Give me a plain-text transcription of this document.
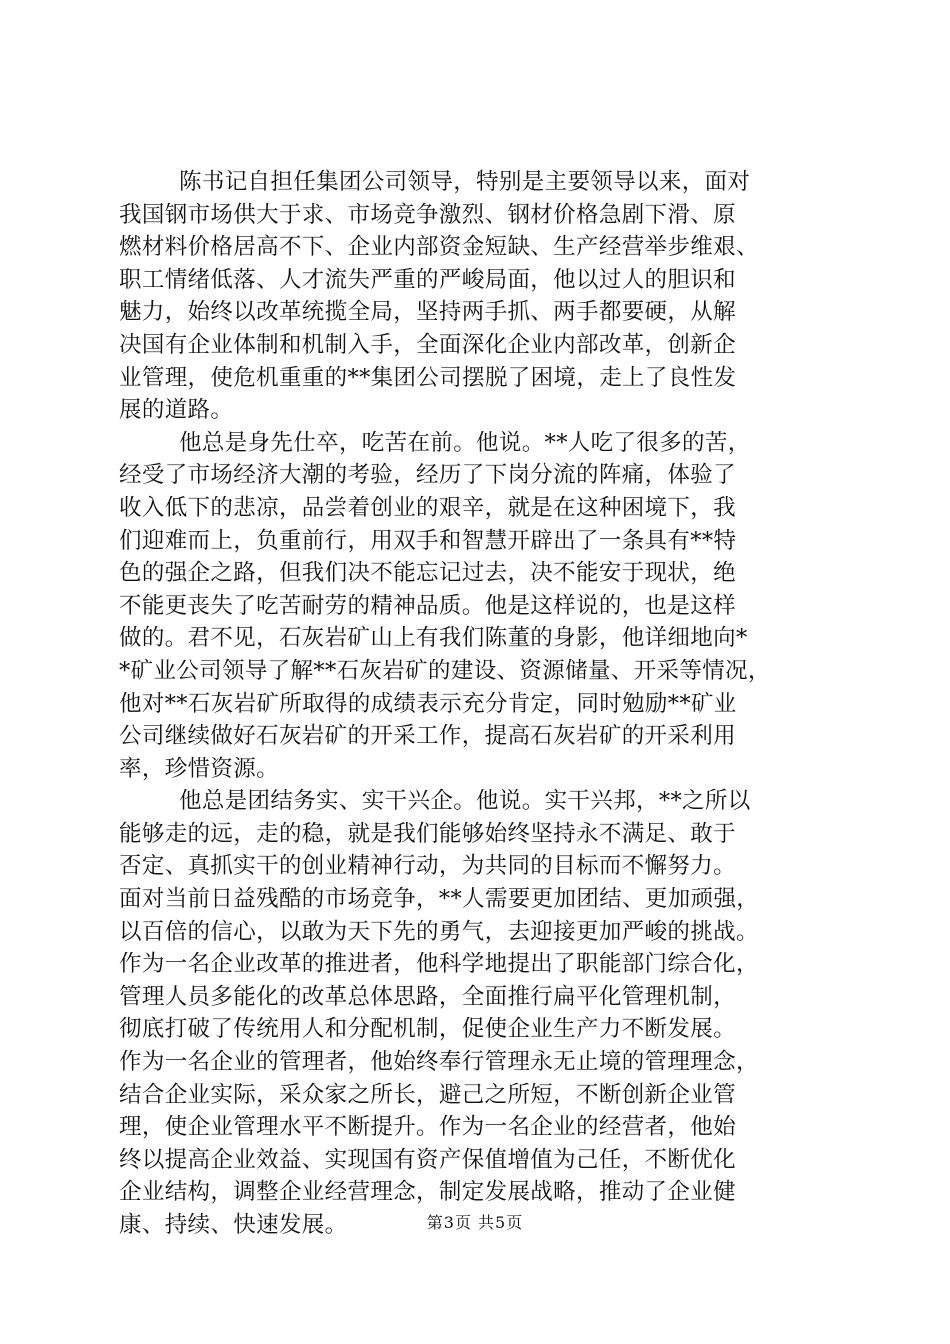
陈书记自担任集团公司领导，特别是主要领导以来，面对
我国钢市场供大于求、市场竞争激烈、钢材价格急剧下滑、原
燃材料价格居高不下、企业内部资金短缺、生产经营举步维艰、
职工情绪低落、人才流失严重的严峻局面，他以过人的胆识和
魅力，始终以改革统揽全局，坚持两手抓、两手都要硬，从解
决国有企业体制和机制入手，全面深化企业内部改革，创新企
业管理，使危机重重的**集团公司摆脱了困境，走上了良性发
展的道路。
他总是身先仕卒，吃苦在前。他说。**人吃了很多的苦，
经受了市场经济大潮的考验，经历了下岗分流的阵痛，体验了
收入低下的悲凉，品尝着创业的艰辛，就是在这种困境下，我
们迎难而上，负重前行，用双手和智慧开辟出了一条具有**特
色的强企之路，但我们决不能忘记过去，决不能安于现状，绝
不能更丧失了吃苦耐劳的精神品质。他是这样说的，也是这样
做的。君不见，石灰岩矿山上有我们陈董的身影，他详细地向*
*矿业公司领导了解**石灰岩矿的建设、资源储量、开采等情况，
他对**石灰岩矿所取得的成绩表示充分肯定，同时勉励**矿业
公司继续做好石灰岩矿的开采工作，提高石灰岩矿的开采利用
率，珍惜资源。
他总是团结务实、实干兴企。他说。实干兴邦，**之所以
能够走的远，走的稳，就是我们能够始终坚持永不满足、敢于
否定、真抓实干的创业精神行动，为共同的目标而不懈努力。
面对当前日益残酷的市场竞争，**人需要更加团结、更加顽强，
以百倍的信心，以敢为天下先的勇气，去迎接更加严峻的挑战。
作为一名企业改革的推进者，他科学地提出了职能部门综合化，
管理人员多能化的改革总体思路，全面推行扁平化管理机制，
彻底打破了传统用人和分配机制，促使企业生产力不断发展。
作为一名企业的管理者，他始终奉行管理永无止境的管理理念，
结合企业实际，采众家之所长，避己之所短，不断创新企业管
理，使企业管理水平不断提升。作为一名企业的经营者，他始
终以提高企业效益、实现国有资产保值增值为己任，不断优化
企业结构，调整企业经营理念，制定发展战略，推动了企业健
康、持续、快速发展。	第3页 共5页
